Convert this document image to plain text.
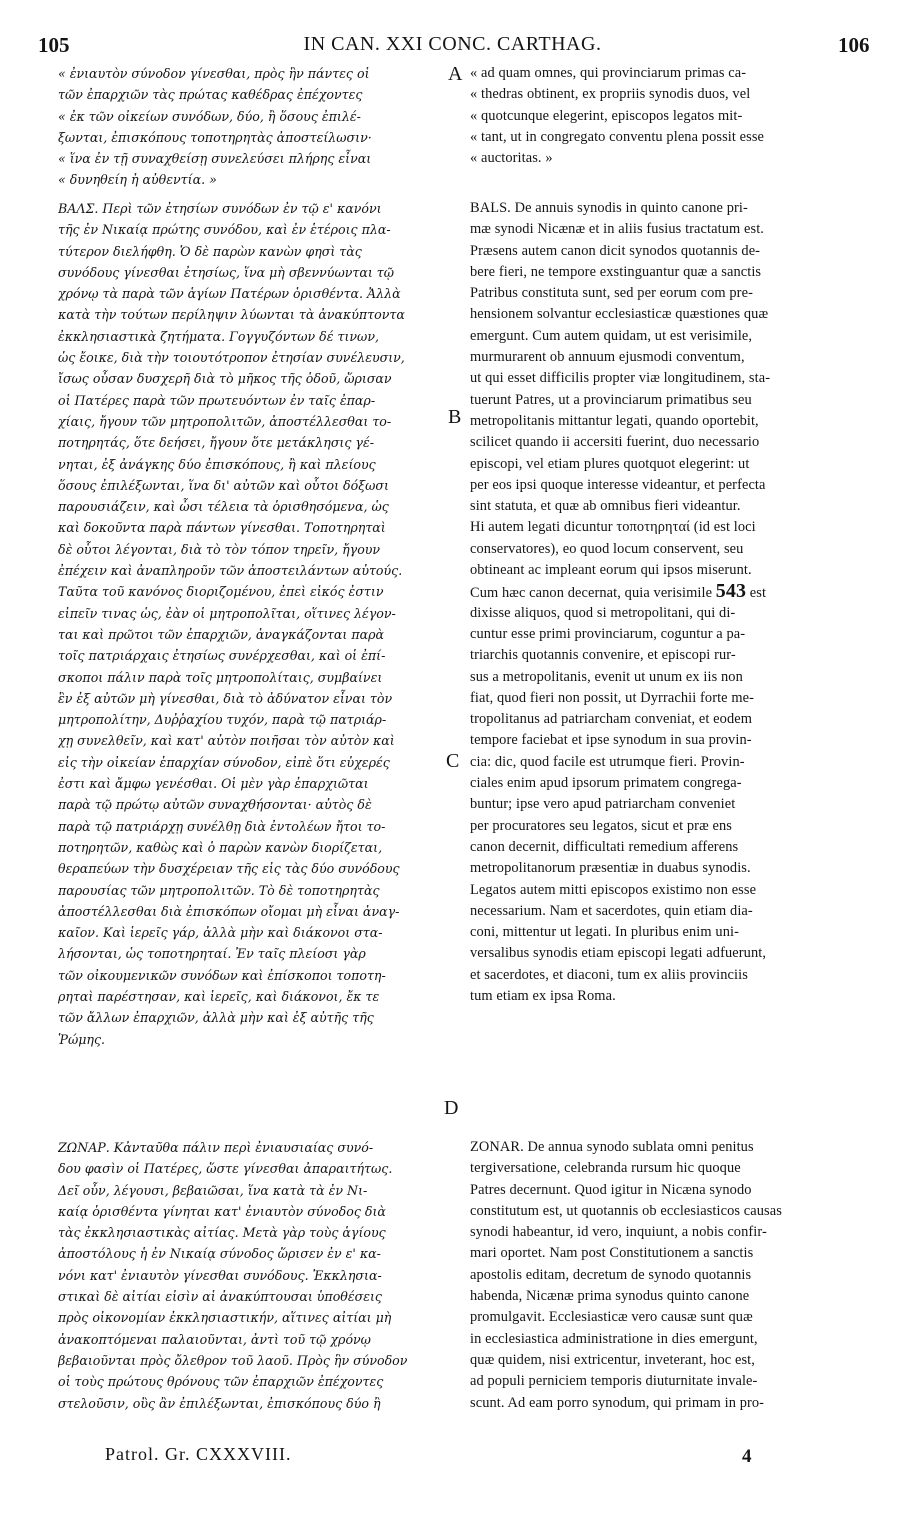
105	IN CAN. XXI CONC. CARTHAG.	106
« ἐνιαυτὸν σύνοδον γίνεσθαι, πρὸς ἣν πάντες οἱ
τῶν ἐπαρχιῶν τὰς πρώτας καθέδρας ἐπέχοντες
« ἐκ τῶν οἰκείων συνόδων, δύο, ἢ ὅσους ἐπιλέ-
ξωνται, ἐπισκόπους τοποτηρητὰς ἀποστείλωσιν·
« ἵνα ἐν τῇ συναχθείσῃ συνελεύσει πλήρης εἶναι
« δυνηθείη ἡ αὐθεντία. »
ΒΑΛΣ. Περὶ τῶν ἐτησίων συνόδων ἐν τῷ ε' κανόνι
τῆς ἐν Νικαίᾳ πρώτης συνόδου, καὶ ἐν ἑτέροις πλα-
τύτερον διελήφθη. Ὁ δὲ παρὼν κανὼν φησὶ τὰς
συνόδους γίνεσθαι ἐτησίως, ἵνα μὴ σβεννύωνται τῷ
χρόνῳ τὰ παρὰ τῶν ἁγίων Πατέρων ὁρισθέντα. Ἀλλὰ
κατὰ τὴν τούτων περίληψιν λύωνται τὰ ἀνακύπτοντα
ἐκκλησιαστικὰ ζητήματα. Γογγυζόντων δέ τινων,
ὡς ἔοικε, διὰ τὴν τοιουτότροπον ἐτησίαν συνέλευσιν,
ἴσως οὖσαν δυσχερῆ διὰ τὸ μῆκος τῆς ὁδοῦ, ὥρισαν
οἱ Πατέρες παρὰ τῶν πρωτευόντων ἐν ταῖς ἐπαρ-
χίαις, ἤγουν τῶν μητροπολιτῶν, ἀποστέλλεσθαι το-
ποτηρητάς, ὅτε δεήσει, ἤγουν ὅτε μετάκλησις γέ-
νηται, ἐξ ἀνάγκης δύο ἐπισκόπους, ἢ καὶ πλείους
ὅσους ἐπιλέξωνται, ἵνα δι' αὐτῶν καὶ οὗτοι δόξωσι
παρουσιάζειν, καὶ ὦσι τέλεια τὰ ὁρισθησόμενα, ὡς
καὶ δοκοῦντα παρὰ πάντων γίνεσθαι. Τοποτηρηταὶ
δὲ οὗτοι λέγονται, διὰ τὸ τὸν τόπον τηρεῖν, ἤγουν
ἐπέχειν καὶ ἀναπληροῦν τῶν ἀποστειλάντων αὐτούς.
Ταῦτα τοῦ κανόνος διοριζομένου, ἐπεὶ εἰκός ἐστιν
εἰπεῖν τινας ὡς, ἐὰν οἱ μητροπολῖται, οἵτινες λέγον-
ται καὶ πρῶτοι τῶν ἐπαρχιῶν, ἀναγκάζονται παρὰ
τοῖς πατριάρχαις ἐτησίως συνέρχεσθαι, καὶ οἱ ἐπί-
σκοποι πάλιν παρὰ τοῖς μητροπολίταις, συμβαίνει
ἓν ἐξ αὐτῶν μὴ γίνεσθαι, διὰ τὸ ἀδύνατον εἶναι τὸν
μητροπολίτην, Δυῤῥαχίου τυχόν, παρὰ τῷ πατριάρ-
χῃ συνελθεῖν, καὶ κατ' αὐτὸν ποιῆσαι τὸν αὐτὸν καὶ
εἰς τὴν οἰκείαν ἐπαρχίαν σύνοδον, εἰπὲ ὅτι εὐχερές
ἐστι καὶ ἄμφω γενέσθαι. Οἱ μὲν γὰρ ἐπαρχιῶται
παρὰ τῷ πρώτῳ αὐτῶν συναχθήσονται· αὐτὸς δὲ
παρὰ τῷ πατριάρχῃ συνέλθῃ διὰ ἐντολέων ἤτοι το-
ποτηρητῶν, καθὼς καὶ ὁ παρὼν κανὼν διορίζεται,
θεραπεύων τὴν δυσχέρειαν τῆς εἰς τὰς δύο συνόδους
παρουσίας τῶν μητροπολιτῶν. Τὸ δὲ τοποτηρητὰς
ἀποστέλλεσθαι διὰ ἐπισκόπων οἴομαι μὴ εἶναι ἀναγ-
καῖον. Καὶ ἱερεῖς γάρ, ἀλλὰ μὴν καὶ διάκονοι στα-
λήσονται, ὡς τοποτηρηταί. Ἐν ταῖς πλείοσι γὰρ
τῶν οἰκουμενικῶν συνόδων καὶ ἐπίσκοποι τοποτη-
ρηταὶ παρέστησαν, καὶ ἱερεῖς, καὶ διάκονοι, ἔκ τε
τῶν ἄλλων ἐπαρχιῶν, ἀλλὰ μὴν καὶ ἐξ αὐτῆς τῆς
Ῥώμης.
ΖΩΝΑΡ. Κἀνταῦθα πάλιν περὶ ἐνιαυσιαίας συνό-
δου φασὶν οἱ Πατέρες, ὥστε γίνεσθαι ἀπαραιτήτως.
Δεῖ οὖν, λέγουσι, βεβαιῶσαι, ἵνα κατὰ τὰ ἐν Νι-
καίᾳ ὁρισθέντα γίνηται κατ' ἐνιαυτὸν σύνοδος διὰ
τὰς ἐκκλησιαστικὰς αἰτίας. Μετὰ γὰρ τοὺς ἁγίους
ἀποστόλους ἡ ἐν Νικαίᾳ σύνοδος ὥρισεν ἐν ε' κα-
νόνι κατ' ἐνιαυτὸν γίνεσθαι συνόδους. Ἐκκλησια-
στικαὶ δὲ αἰτίαι εἰσὶν αἱ ἀνακύπτουσαι ὑποθέσεις
πρὸς οἰκονομίαν ἐκκλησιαστικήν, αἵτινες αἰτίαι μὴ
ἀνακοπτόμεναι παλαιοῦνται, ἀντὶ τοῦ τῷ χρόνῳ
βεβαιοῦνται πρὸς ὄλεθρον τοῦ λαοῦ. Πρὸς ἣν σύνοδον
οἱ τοὺς πρώτους θρόνους τῶν ἐπαρχιῶν ἐπέχοντες
στελοῦσιν, οὓς ἂν ἐπιλέξωνται, ἐπισκόπους δύο ἢ
« ad quam omnes, qui provinciarum primas ca-
« thedras obtinent, ex propriis synodis duos, vel
« quotcunque elegerint, episcopos legatos mit-
« tant, ut in congregato conventu plena possit esse
« auctoritas. »
BALS. De annuis synodis in quinto canone pri-
mæ synodi Nicænæ et in aliis fusius tractatum est.
Præsens autem canon dicit synodos quotannis de-
bere fieri, ne tempore exstinguantur quæ a sanctis
Patribus constituta sunt, sed per eorum com pre-
hensionem solvantur ecclesiasticæ quæstiones quæ
emergunt. Cum autem quidam, ut est verisimile,
murmurarent ob annuum ejusmodi conventum,
ut qui esset difficilis propter viæ longitudinem, sta-
tuerunt Patres, ut a provinciarum primatibus seu
metropolitanis mittantur legati, quando oportebit,
scilicet quando ii accersiti fuerint, duo necessario
episcopi, vel etiam plures quotquot elegerint: ut
per eos ipsi quoque interesse videantur, et perfecta
sint statuta, et quæ ab omnibus fieri videantur.
Hi autem legati dicuntur τοποτηρηταί (id est loci
conservatores), eo quod locum conservent, seu
obtineant ac impleant eorum qui ipsos miserunt.
Cum hæc canon decernat, quia verisimile 543 est
dixisse aliquos, quod si metropolitani, qui di-
cuntur esse primi provinciarum, coguntur a pa-
triarchis quotannis convenire, et episcopi rur-
sus a metropolitanis, evenit ut unum ex iis non
fiat, quod fieri non possit, ut Dyrrachii forte me-
tropolitanus ad patriarcham conveniat, et eodem
tempore faciebat et ipse synodum in sua provin-
cia: dic, quod facile est utrumque fieri. Provin-
ciales enim apud ipsorum primatem congrega-
buntur; ipse vero apud patriarcham conveniet
per procuratores seu legatos, sicut et præ ens
canon decernit, difficultati remedium afferens
metropolitanorum præsentiæ in duabus synodis.
Legatos autem mitti episcopos existimo non esse
necessarium. Nam et sacerdotes, quin etiam dia-
coni, mittentur ut legati. In pluribus enim uni-
versalibus synodis etiam episcopi legati adfuerunt,
et sacerdotes, et diaconi, tum ex aliis provinciis
tum etiam ex ipsa Roma.
ZONAR. De annua synodo sublata omni penitus
tergiversatione, celebranda rursum hic quoque
Patres decernunt. Quod igitur in Nicæna synodo
constitutum est, ut quotannis ob ecclesiasticos causas
synodi habeantur, id vero, inquiunt, a nobis confir-
mari oportet. Nam post Constitutionem a sanctis
apostolis editam, decretum de synodo quotannis
habenda, Nicænæ prima synodus quinto canone
promulgavit. Ecclesiasticæ vero causæ sunt quæ
in ecclesiastica administratione in dies emergunt,
quæ quidem, nisi extricentur, inveterant, hoc est,
ad populi perniciem temporis diuturnitate invale-
scunt. Ad eam porro synodum, qui primam in pro-
A
B
C
D
Patrol. Gr. CXXXVIII.	4
